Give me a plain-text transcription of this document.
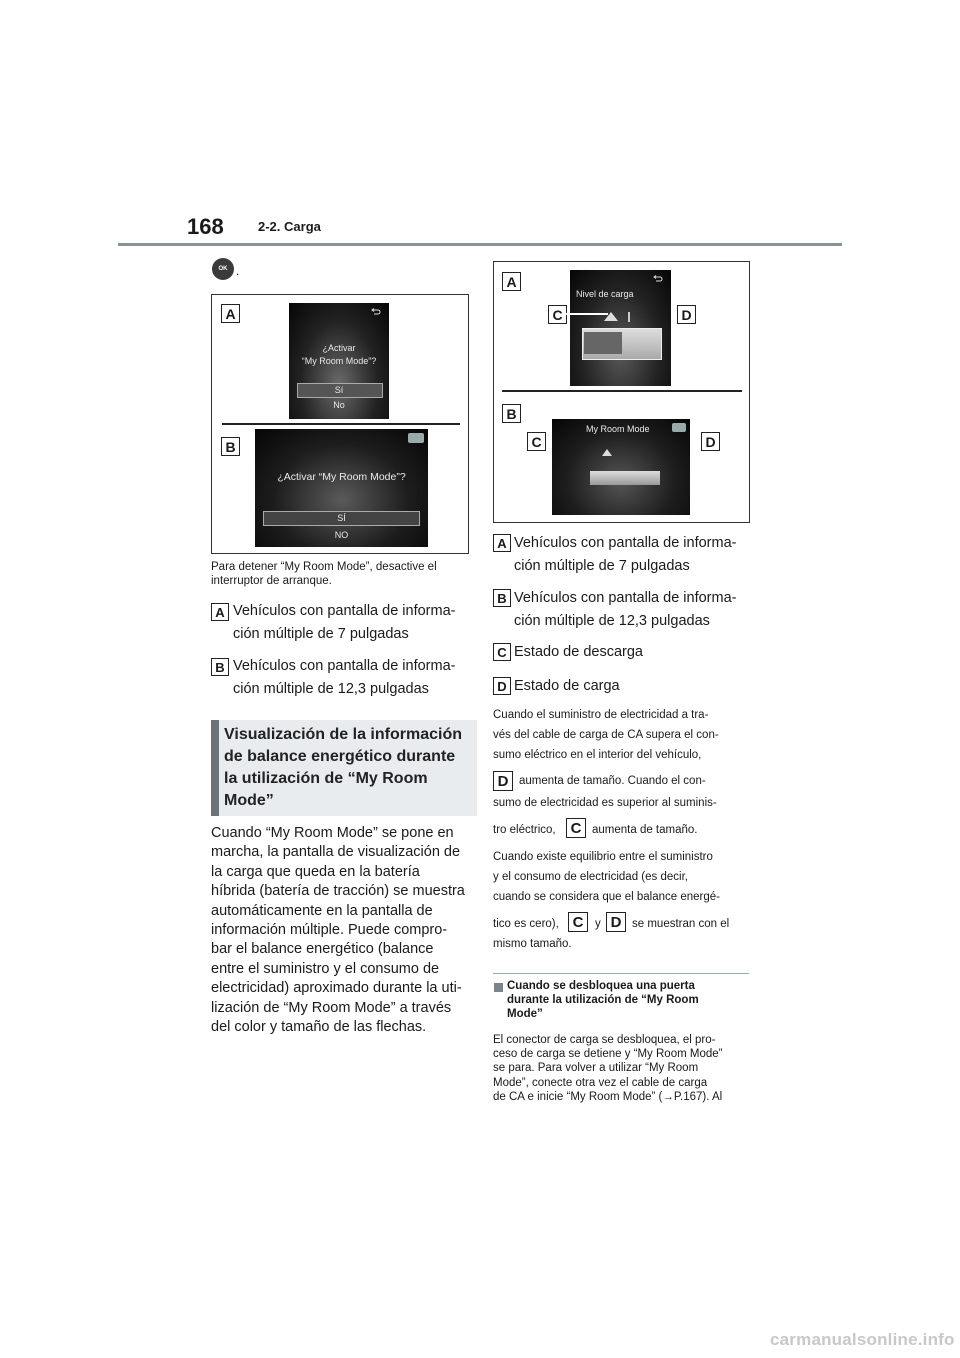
168	2-2. Carga
OK .
A
¿Activar
“My Room Mode”?
Sí
No
B
¿Activar “My Room Mode”?
SÍ
NO
Para detener “My Room Mode”, desactive el interruptor de arranque.
A Vehículos con pantalla de informa-
ción múltiple de 7 pulgadas
B Vehículos con pantalla de informa-
ción múltiple de 12,3 pulgadas
Visualización de la información
de balance energético durante
la utilización de “My Room
Mode”
Cuando “My Room Mode” se pone en
marcha, la pantalla de visualización de
la carga que queda en la batería
híbrida (batería de tracción) se muestra
automáticamente en la pantalla de
información múltiple. Puede compro-
bar el balance energético (balance
entre el suministro y el consumo de
electricidad) aproximado durante la uti-
lización de “My Room Mode” a través
del color y tamaño de las flechas.
A
Nivel de carga
C	D
B
My Room Mode
C	D
A Vehículos con pantalla de informa-
ción múltiple de 7 pulgadas
B Vehículos con pantalla de informa-
ción múltiple de 12,3 pulgadas
C Estado de descarga
D Estado de carga
Cuando el suministro de electricidad a tra-
vés del cable de carga de CA supera el con-
sumo eléctrico en el interior del vehículo,
D aumenta de tamaño. Cuando el con-
sumo de electricidad es superior al suminis-
tro eléctrico, C aumenta de tamaño.
Cuando existe equilibrio entre el suministro
y el consumo de electricidad (es decir,
cuando se considera que el balance energé-
tico es cero), C	y D se muestran con el
mismo tamaño.
Cuando se desbloquea una puerta
durante la utilización de “My Room
Mode”
El conector de carga se desbloquea, el pro-
ceso de carga se detiene y “My Room Mode”
se para. Para volver a utilizar “My Room
Mode”, conecte otra vez el cable de carga
de CA e inicie “My Room Mode” (→P.167). Al
carmanualsonline.info
